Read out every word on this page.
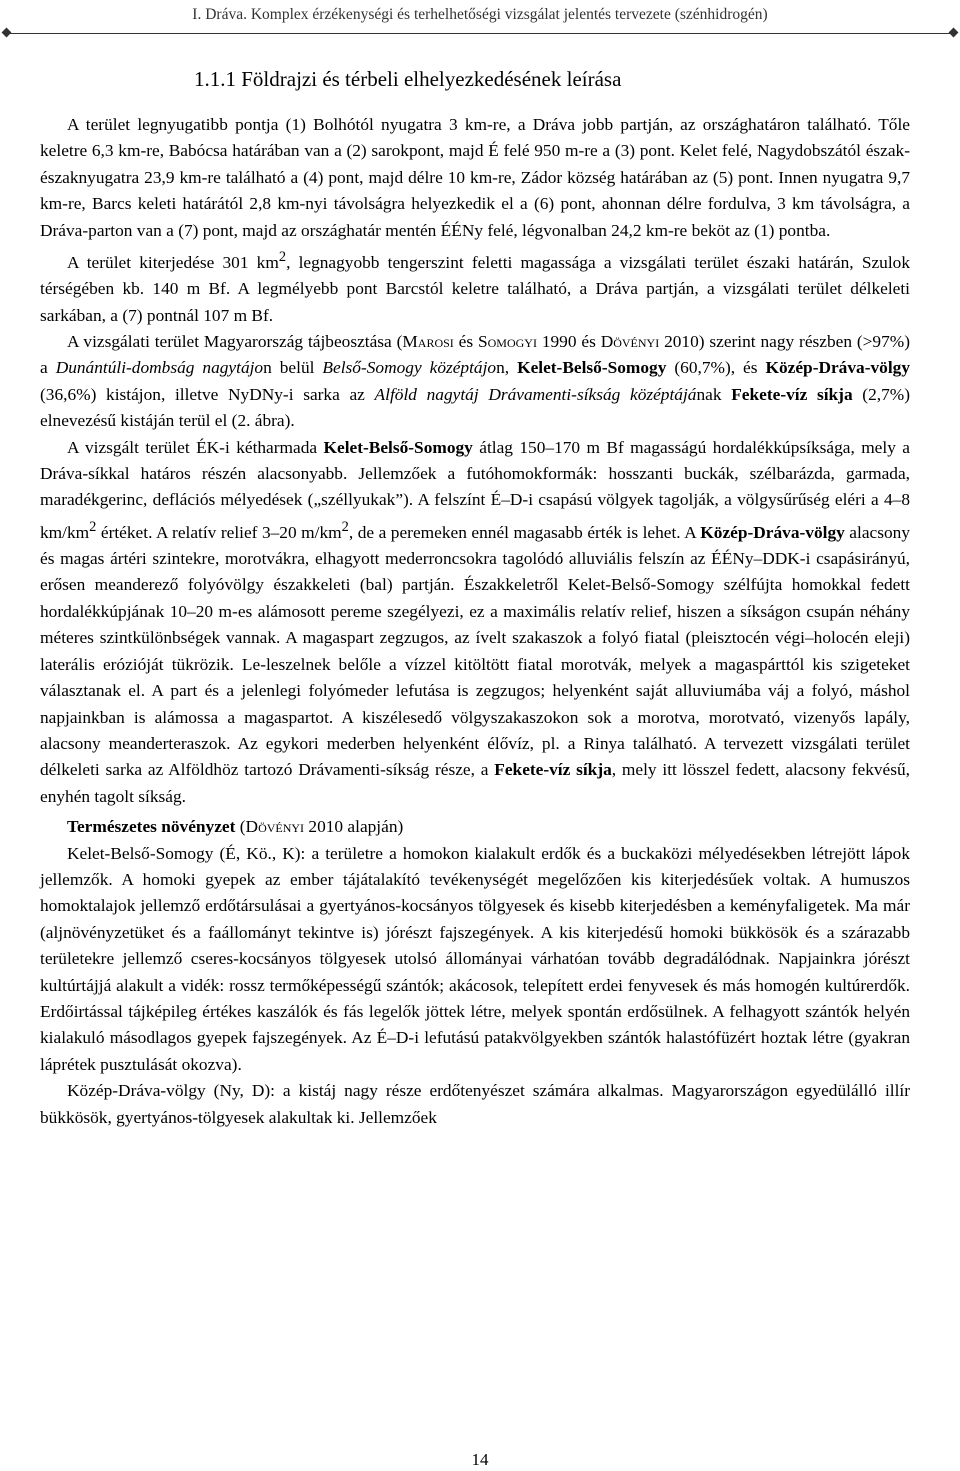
I. Dráva. Komplex érzékenységi és terhelhetőségi vizsgálat jelentés tervezete (szénhidrogén)
1.1.1 Földrajzi és térbeli elhelyezkedésének leírása

A terület legnyugatibb pontja (1) Bolhótól nyugatra 3 km-re, a Dráva jobb partján, az országhatáron található. Tőle keletre 6,3 km-re, Babócsa határában van a (2) sarokpont, majd É felé 950 m-re a (3) pont. Kelet felé, Nagydobszától észak-északnyugatra 23,9 km-re található a (4) pont, majd délre 10 km-re, Zádor község határában az (5) pont. Innen nyugatra 9,7 km-re, Barcs keleti határától 2,8 km-nyi távolságra helyezkedik el a (6) pont, ahonnan délre fordulva, 3 km távolságra, a Dráva-parton van a (7) pont, majd az országhatár mentén ÉÉNy felé, légvonalban 24,2 km-re beköt az (1) pontba.

A terület kiterjedése 301 $km^2$, legnagyobb tengerszint feletti magassága a vizsgálati terület északi határán, Szulok térségében kb. 140 m Bf. A legmélyebb pont Barcstól keletre található, a Dráva partján, a vizsgálati terület délkeleti sarkában, a (7) pontnál 107 m Bf.

A vizsgálati terület Magyarország tájbeosztása (Marosi és Somogyi 1990 és Dövényi 2010) szerint nagy részben (>97%) a Dunántúli-dombság nagytájon belül Belső-Somogy középtájon, Kelet-Belső-Somogy (60,7%), és Közép-Dráva-völgy (36,6%) kistájon, illetve NyDNy-i sarka az Alföld nagytáj Drávamenti-síkság középtájának Fekete-víz síkja (2,7%) elnevezésű kistáján terül el (2. ábra).

A vizsgált terület ÉK-i kétharmada Kelet-Belső-Somogy átlag 150–170 m Bf magasságú hordalékkúpsíksága, mely a Dráva-síkkal határos részén alacsonyabb. Jellemzőek a futóhomokformák: hosszanti buckák, szélbarázda, garmada, maradékgerinc, deflációs mélyedések („széllyukak”). A felszínt É–D-i csapású völgyek tagolják, a völgysűrűség eléri a 4–8 $km/km^2$ értéket. A relatív relief 3–20 $m/km^2$, de a peremeken ennél magasabb érték is lehet. A Közép-Dráva-völgy alacsony és magas ártéri szintekre, morotvákra, elhagyott mederroncsokra tagolódó alluviális felszín az ÉÉNy–DDK-i csapásirányú, erősen meanderező folyóvölgy északkeleti (bal) partján. Északkeletről Kelet-Belső-Somogy szélfújta homokkal fedett hordalékkúpjának 10–20 m-es alámosott pereme szegélyezi, ez a maximális relatív relief, hiszen a síkságon csupán néhány méteres szintkülönbségek vannak. A magaspart zegzugos, az ívelt szakaszok a folyó fiatal (pleisztocén végi–holocén eleji) laterális erózióját tükrözik. Le-leszelnek belőle a vízzel kitöltött fiatal morotvák, melyek a magaspárttól kis szigeteket választanak el. A part és a jelenlegi folyómeder lefutása is zegzugos; helyenként saját alluviumába váj a folyó, máshol napjainkban is alámossa a magaspartot. A kiszélesedő völgyszakaszokon sok a morotva, morotvató, vizenyős lapály, alacsony meanderteraszok. Az egykori mederben helyenként élővíz, pl. a Rinya található. A tervezett vizsgálati terület délkeleti sarka az Alföldhöz tartozó Drávamenti-síkság része, a Fekete-víz síkja, mely itt lösszel fedett, alacsony fekvésű, enyhén tagolt síkság.

Természetes növényzet (Dövényi 2010 alapján)

Kelet-Belső-Somogy (É, Kö., K): a területre a homokon kialakult erdők és a buckaközi mélyedésekben létrejött lápok jellemzők. A homoki gyepek az ember tájátalakító tevékenységét megelőzően kis kiterjedésűek voltak. A humuszos homoktalajok jellemző erdőtársulásai a gyertyános-kocsányos tölgyesek és kisebb kiterjedésben a keményfaligetek. Ma már (aljnövényzetüket és a faállományt tekintve is) jórészt fajszegények. A kis kiterjedésű homoki bükkösök és a szárazabb területekre jellemző cseres-kocsányos tölgyesek utolsó állományai várhatóan tovább degradálódnak. Napjainkra jórészt kultúrtájjá alakult a vidék: rossz termőképességű szántók; akácosok, telepített erdei fenyvesek és más homogén kultúrerdők. Erdőirtással tájképileg értékes kaszálók és fás legelők jöttek létre, melyek spontán erdősülnek. A felhagyott szántók helyén kialakuló másodlagos gyepek fajszegények. Az É–D-i lefutású patakvölgyekben szántók halastófüzért hoztak létre (gyakran láprétek pusztulását okozva).

Közép-Dráva-völgy (Ny, D): a kistáj nagy része erdőtenyészet számára alkalmas. Magyarországon egyedülálló illír bükkösök, gyertyános-tölgyesek alakultak ki. Jellemzőek

14
